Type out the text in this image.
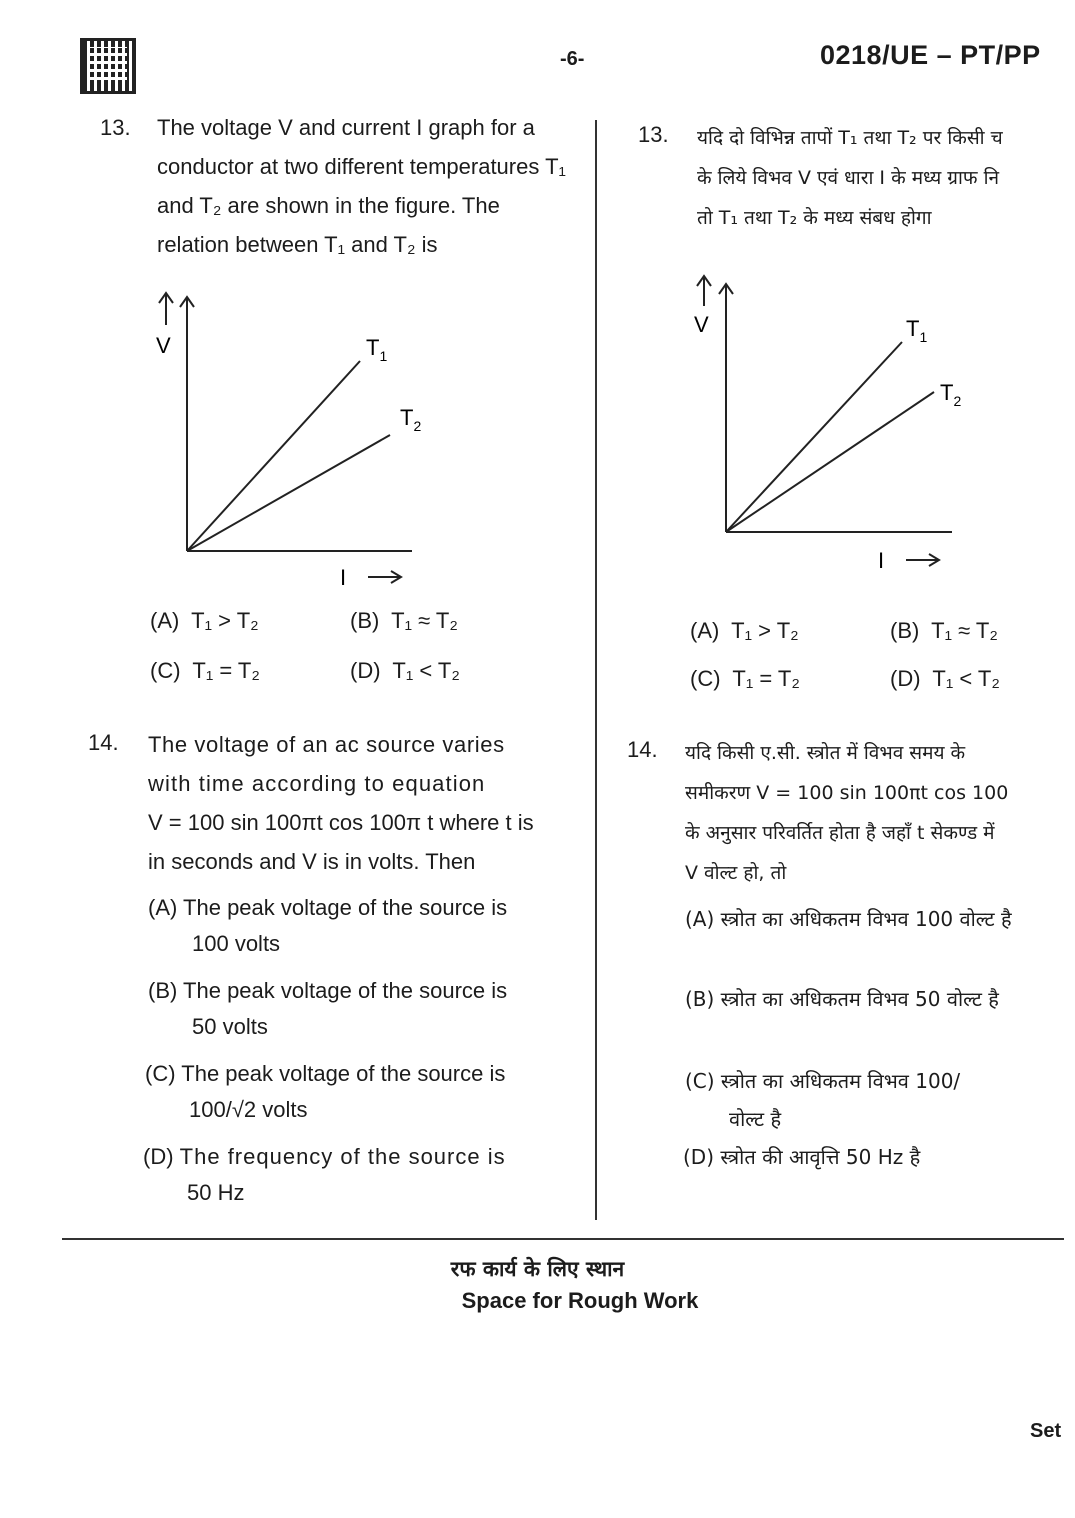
-6-	0218/UE – PT/PP
13. The voltage V and current I graph for a conductor at two different temperatures T₁ and T₂ are shown in the figure. The relation between T₁ and T₂ is
V	$T_1$
$T_2$
I
(A) T₁ > T₂	(B) T₁ ≈ T₂
(C) T₁ = T₂	(D) T₁ < T₂
14. The voltage of an ac source varies
with time according to equation
V = 100 sin 100πt cos 100π t where t is
in seconds and V is in volts. Then
(A) The peak voltage of the source is
100 volts
(B) The peak voltage of the source is
50 volts
(C) The peak voltage of the source is
100/√2 volts
(D) The frequency of the source is
50 Hz
13. यदि दो विभिन्न तापों T₁ तथा T₂ पर किसी च
के लिये विभव V एवं धारा I के मध्य ग्राफ नि
तो T₁ तथा T₂ के मध्य संबध होगा
V	$T_1$
$T_2$
I
(A) T₁ > T₂	(B) T₁ ≈ T₂
(C) T₁ = T₂	(D) T₁ < T₂
14. यदि किसी ए.सी. स्त्रोत में विभव समय के
समीकरण V = 100 sin 100πt cos 100
के अनुसार परिवर्तित होता है जहाँ t सेकण्ड में
V वोल्ट हो, तो
(A) स्त्रोत का अधिकतम विभव 100 वोल्ट है
(B) स्त्रोत का अधिकतम विभव 50 वोल्ट है
(C) स्त्रोत का अधिकतम विभव 100/
वोल्ट है
(D) स्त्रोत की आवृत्ति 50 Hz है
रफ कार्य के लिए स्थान
Space for Rough Work
Set
